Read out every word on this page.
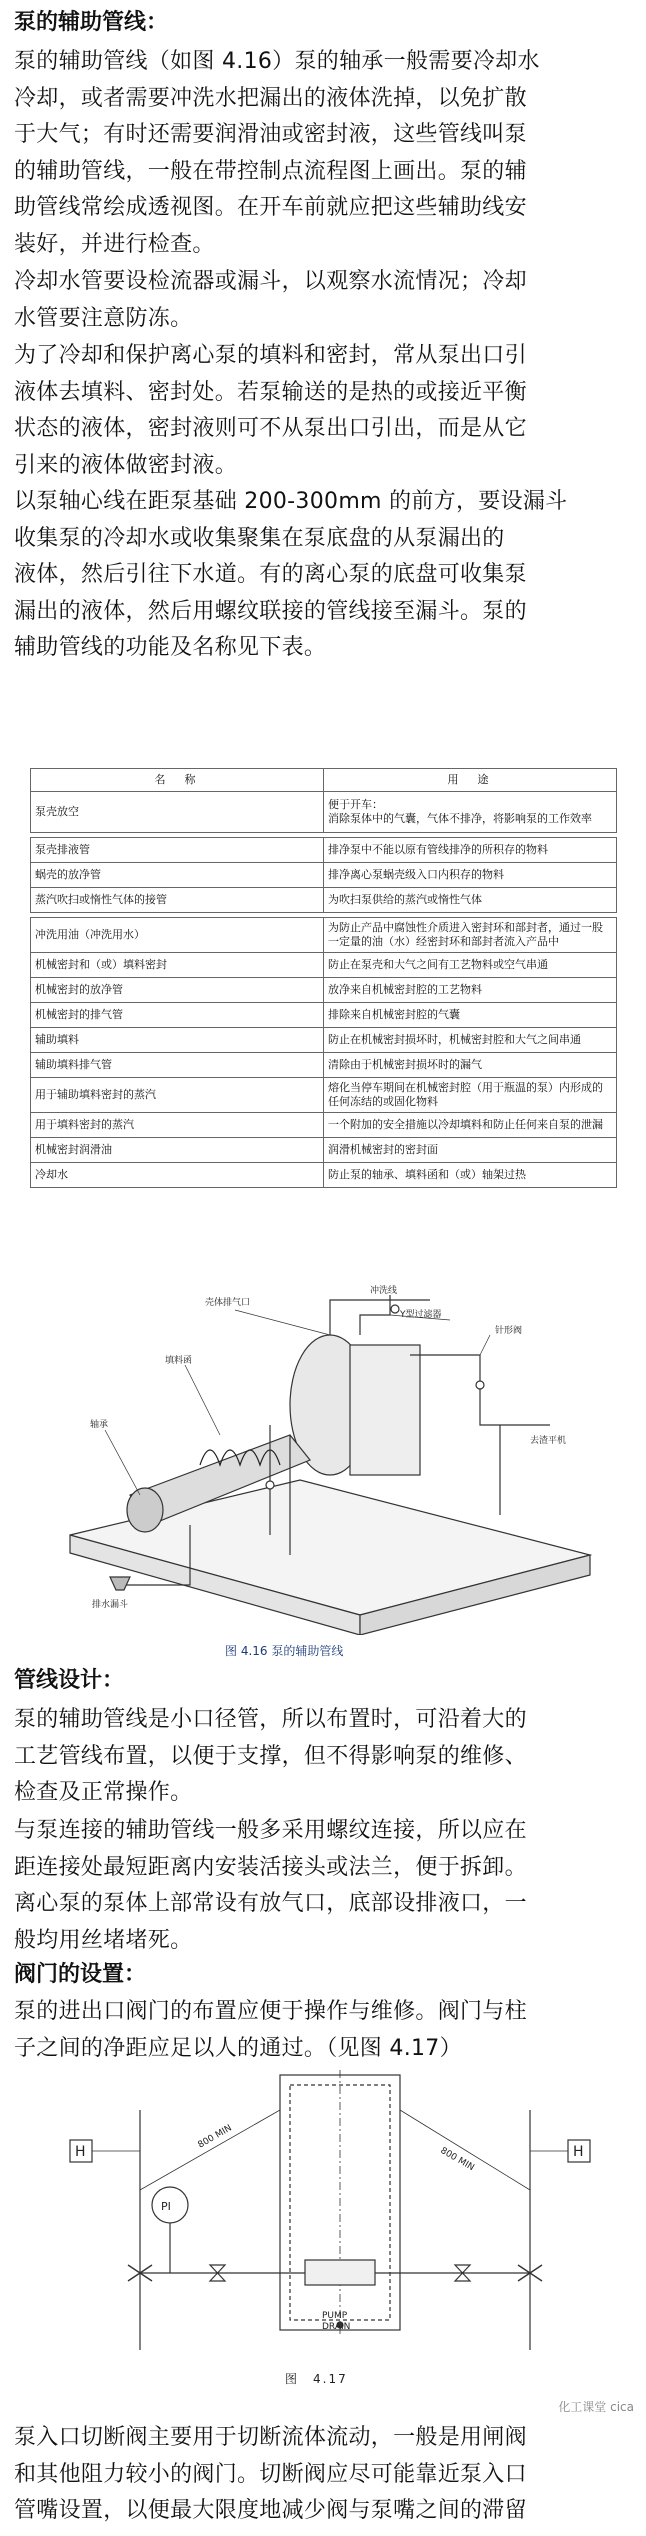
泵的辅助管线：

泵的辅助管线（如图 4.16）泵的轴承一般需要冷却水

冷却，或者需要冲洗水把漏出的液体洗掉，以免扩散

于大气；有时还需要润滑油或密封液，这些管线叫泵

的辅助管线，一般在带控制点流程图上画出。泵的辅

助管线常绘成透视图。在开车前就应把这些辅助线安

装好，并进行检查。

冷却水管要设检流器或漏斗，以观察水流情况；冷却

水管要注意防冻。

为了冷却和保护离心泵的填料和密封，常从泵出口引

液体去填料、密封处。若泵输送的是热的或接近平衡

状态的液体，密封液则可不从泵出口引出，而是从它

引来的液体做密封液。

以泵轴心线在距泵基础 200-300mm 的前方，要设漏斗

收集泵的冷却水或收集聚集在泵底盘的从泵漏出的

液体，然后引往下水道。有的离心泵的底盘可收集泵

漏出的液体，然后用螺纹联接的管线接至漏斗。泵的

辅助管线的功能及名称见下表。

名　称	用　途
泵壳放空	便于开车：
消除泵体中的气囊，气体不排净，将影响泵的工作效率

泵壳排液管	排净泵中不能以原有管线排净的所积存的物料
蜗壳的放净管	排净离心泵蜗壳级入口内积存的物料
蒸汽吹扫或惰性气体的接管	为吹扫泵供给的蒸汽或惰性气体

冲洗用油（冲洗用水）	为防止产品中腐蚀性介质进入密封环和部封者，通过一股一定量的油（水）经密封环和部封者流入产品中
机械密封和（或）填料密封	防止在泵壳和大气之间有工艺物料或空气串通
机械密封的放净管	放净来自机械密封腔的工艺物料
机械密封的排气管	排除来自机械密封腔的气囊
辅助填料	防止在机械密封损坏时，机械密封腔和大气之间串通
辅助填料排气管	清除由于机械密封损坏时的漏气
用于辅助填料密封的蒸汽	熔化当停车期间在机械密封腔（用于瓶温的泵）内形成的任何冻结的或固化物料
用于填料密封的蒸汽	一个附加的安全措施以冷却填料和防止任何来自泵的泄漏
机械密封润滑油	润滑机械密封的密封面
冷却水	防止泵的轴承、填料函和（或）轴架过热
壳体排气口
冲洗线
Y型过滤器
针形阀
填料函
轴承
去渣平机
排水漏斗
图 4.16 泵的辅助管线
管线设计：

泵的辅助管线是小口径管，所以布置时，可沿着大的

工艺管线布置，以便于支撑，但不得影响泵的维修、

检查及正常操作。

与泵连接的辅助管线一般多采用螺纹连接，所以应在

距连接处最短距离内安装活接头或法兰，便于拆卸。

离心泵的泵体上部常设有放气口，底部设排液口，一

般均用丝堵堵死。

阀门的设置：

泵的进出口阀门的布置应便于操作与维修。阀门与柱

子之间的净距应足以人的通过。（见图 4.17）

H
800 MIN
PI
PUMP
DRAIN
800 MIN	H
图　4.17

泵入口切断阀主要用于切断流体流动，一般是用闸阀

和其他阻力较小的阀门。切断阀应尽可能靠近泵入口

管嘴设置，以便最大限度地减少阀与泵嘴之间的滞留

化工课堂 cica
